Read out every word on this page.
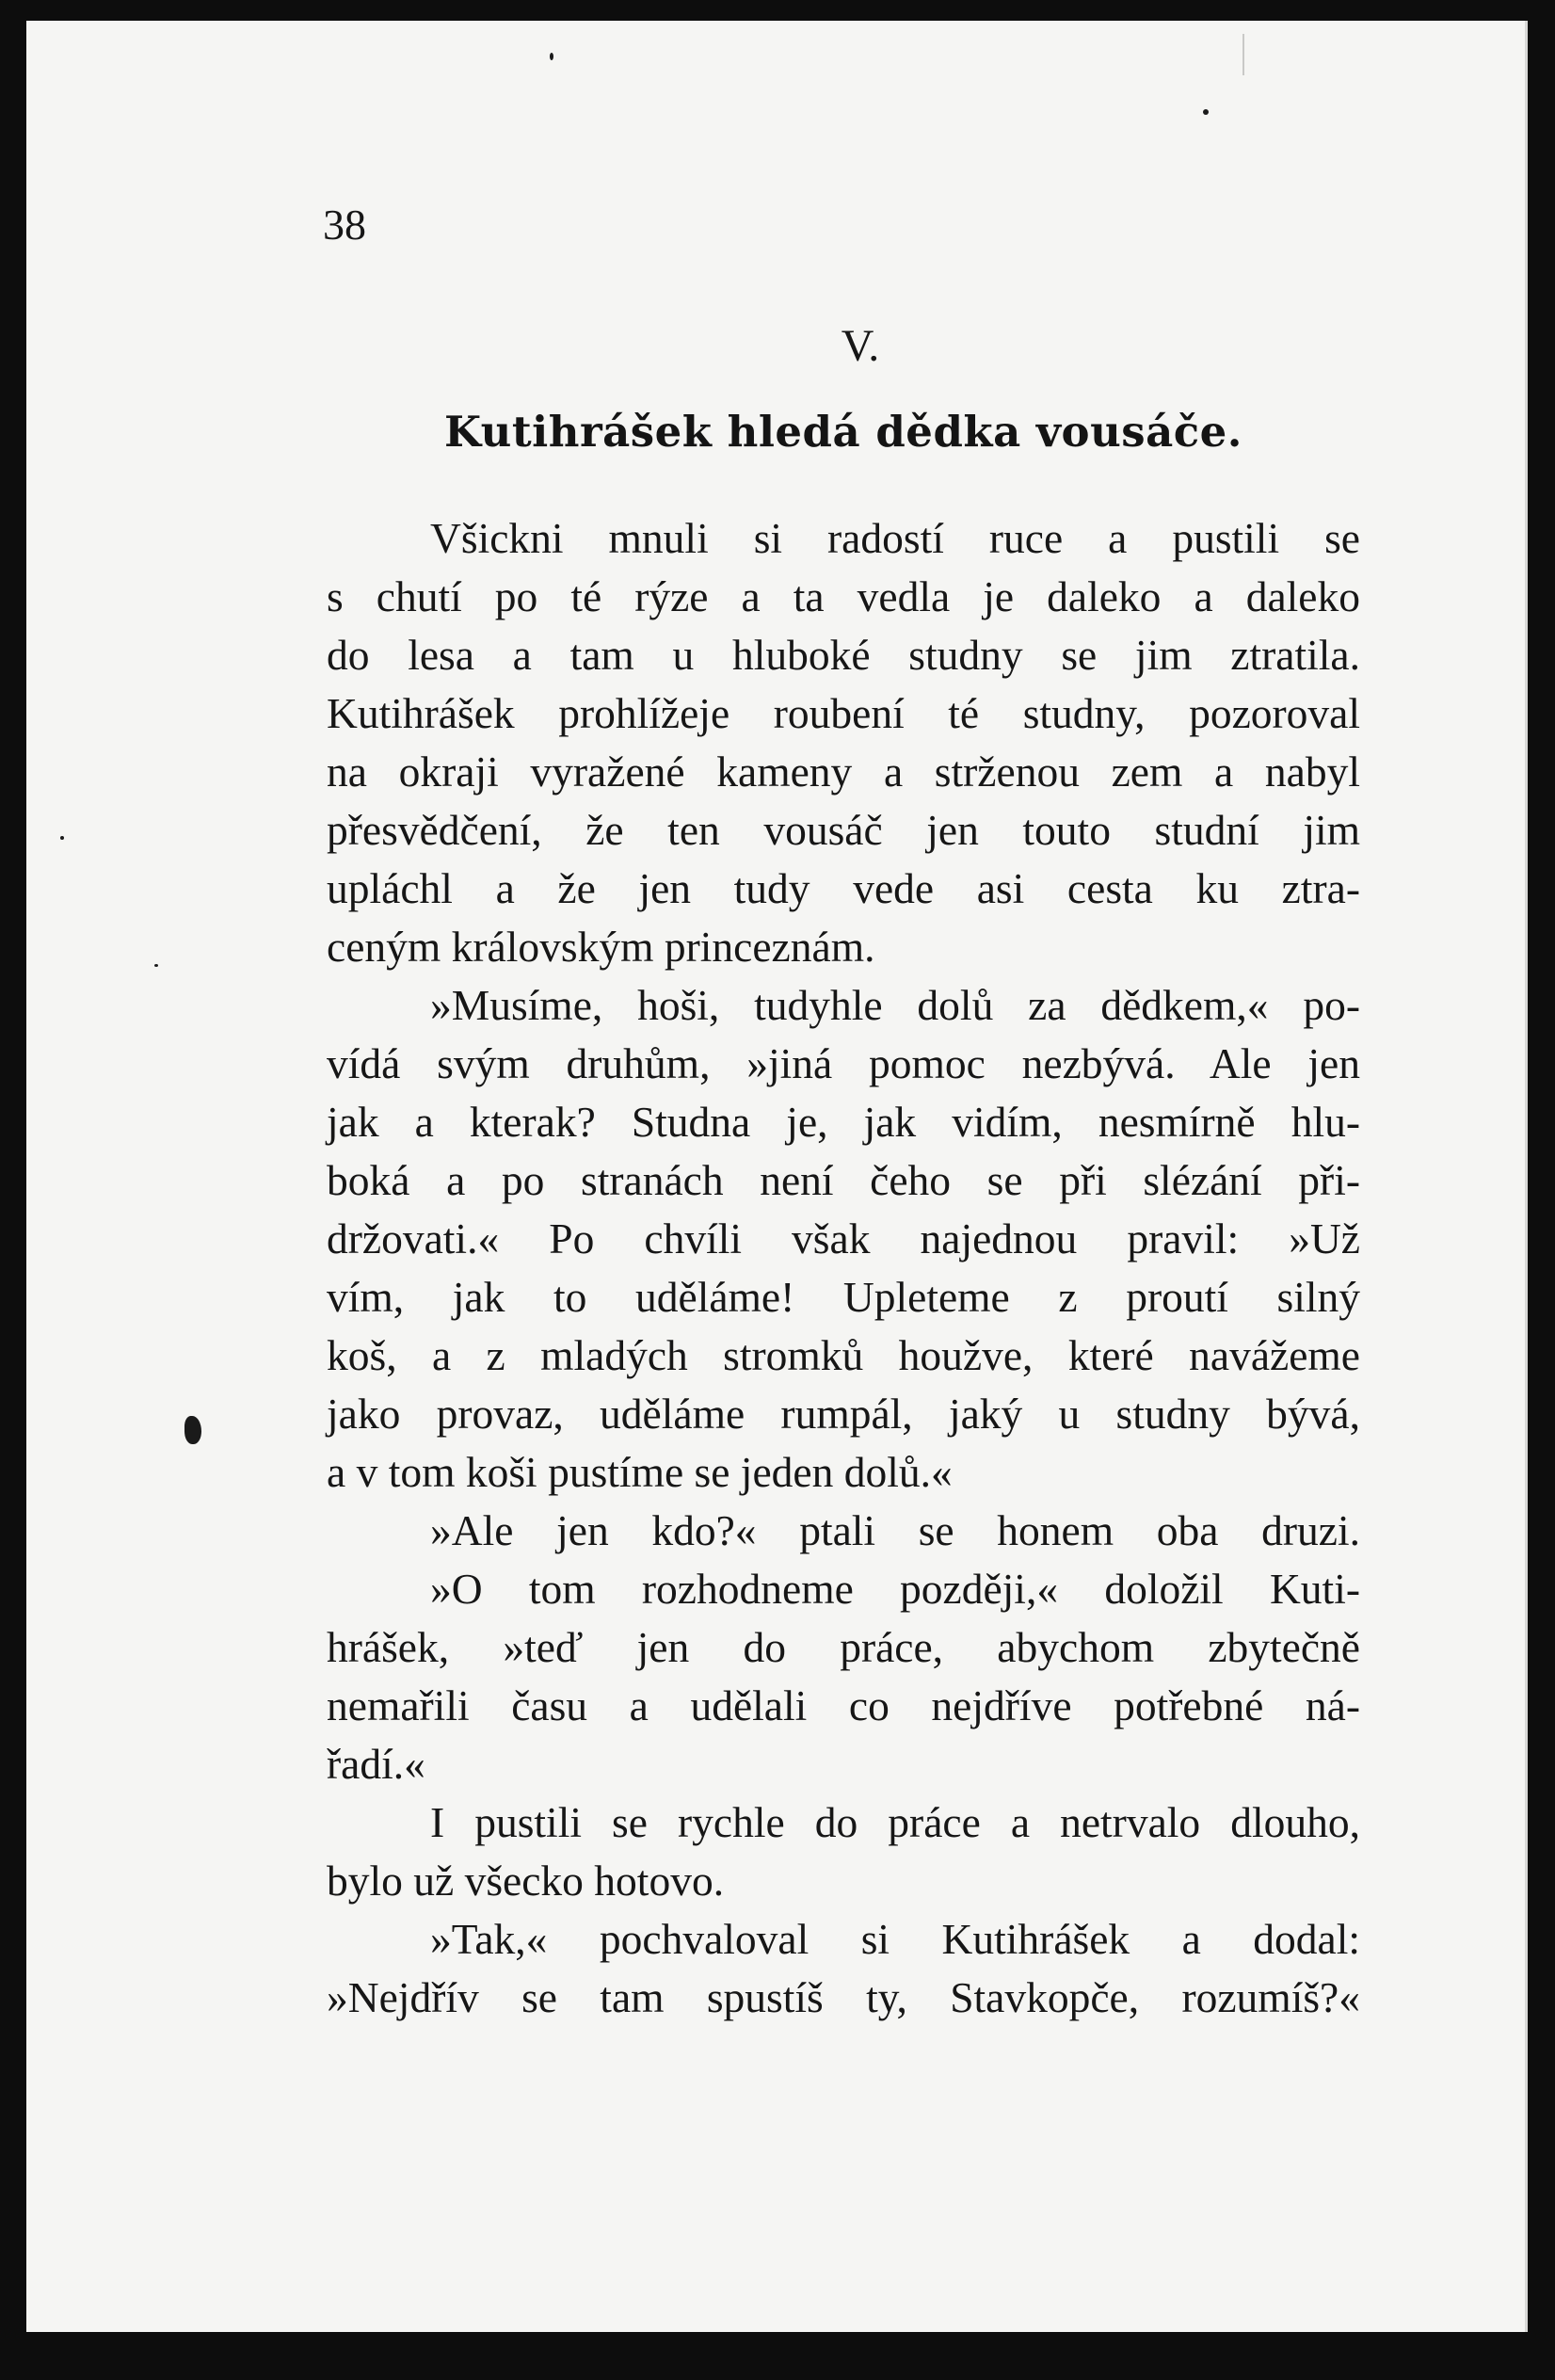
38

V.

Kutihrášek hledá dědka vousáče.

Všickni mnuli si radostí ruce a pustili se
s chutí po té rýze a ta vedla je daleko a daleko
do lesa a tam u hluboké studny se jim ztratila.
Kutihrášek prohlížeje roubení té studny, pozoroval
na okraji vyražené kameny a strženou zem a nabyl
přesvědčení, že ten vousáč jen touto studní jim
upláchl a že jen tudy vede asi cesta ku ztra-
ceným královským princeznám.

»Musíme, hoši, tudyhle dolů za dědkem,« po-
vídá svým druhům, »jiná pomoc nezbývá. Ale jen
jak a kterak? Studna je, jak vidím, nesmírně hlu-
boká a po stranách není čeho se při slézání při-
držovati.« Po chvíli však najednou pravil: »Už
vím, jak to uděláme! Upleteme z proutí silný
koš, a z mladých stromků houžve, které navážeme
jako provaz, uděláme rumpál, jaký u studny bývá,
a v tom koši pustíme se jeden dolů.«

»Ale jen kdo?« ptali se honem oba druzi.

»O tom rozhodneme později,« doložil Kuti-
hrášek, »teď jen do práce, abychom zbytečně
nemařili času a udělali co nejdříve potřebné ná-
řadí.«

I pustili se rychle do práce a netrvalo dlouho,
bylo už všecko hotovo.

»Tak,« pochvaloval si Kutihrášek a dodal:
»Nejdřív se tam spustíš ty, Stavkopče, rozumíš?«
